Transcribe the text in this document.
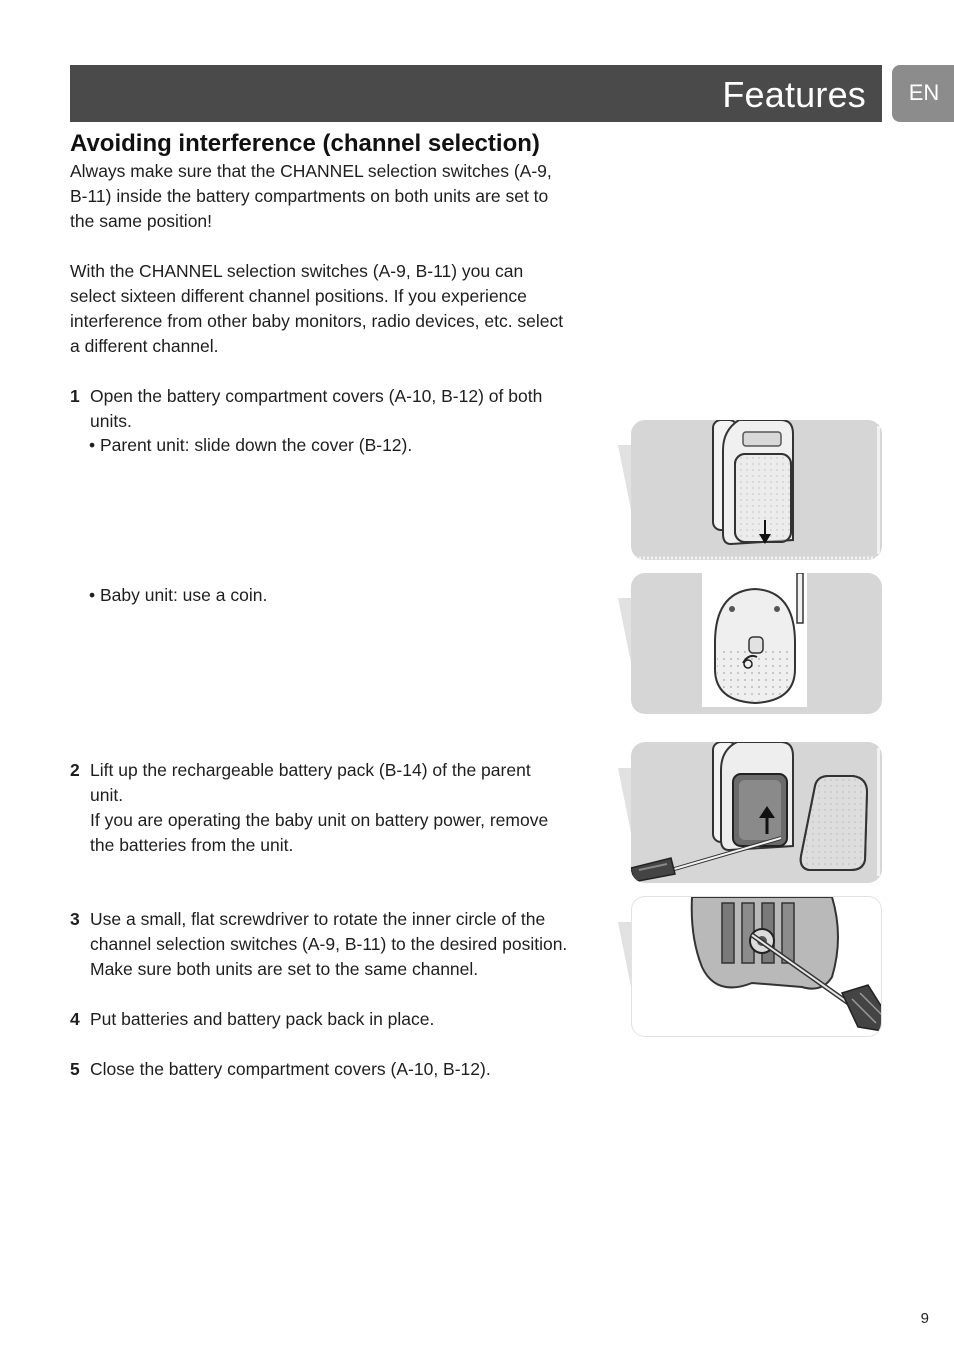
Features	EN
Avoiding interference (channel selection)
Always make sure that the CHANNEL selection switches (A-9,
B-11) inside the battery compartments on both units are set to
the same position!
With the CHANNEL selection switches (A-9, B-11) you can
select sixteen different channel positions. If you experience
interference from other baby monitors, radio devices, etc. select
a different channel.
1 Open the battery compartment covers (A-10, B-12) of both
units.
• Parent unit: slide down the cover (B-12).
• Baby unit: use a coin.
2 Lift up the rechargeable battery pack (B-14) of the parent
unit.
If you are operating the baby unit on battery power, remove
the batteries from the unit.
3 Use a small, flat screwdriver to rotate the inner circle of the
channel selection switches (A-9, B-11) to the desired position.
Make sure both units are set to the same channel.
4 Put batteries and battery pack back in place.
5 Close the battery compartment covers (A-10, B-12).
9
